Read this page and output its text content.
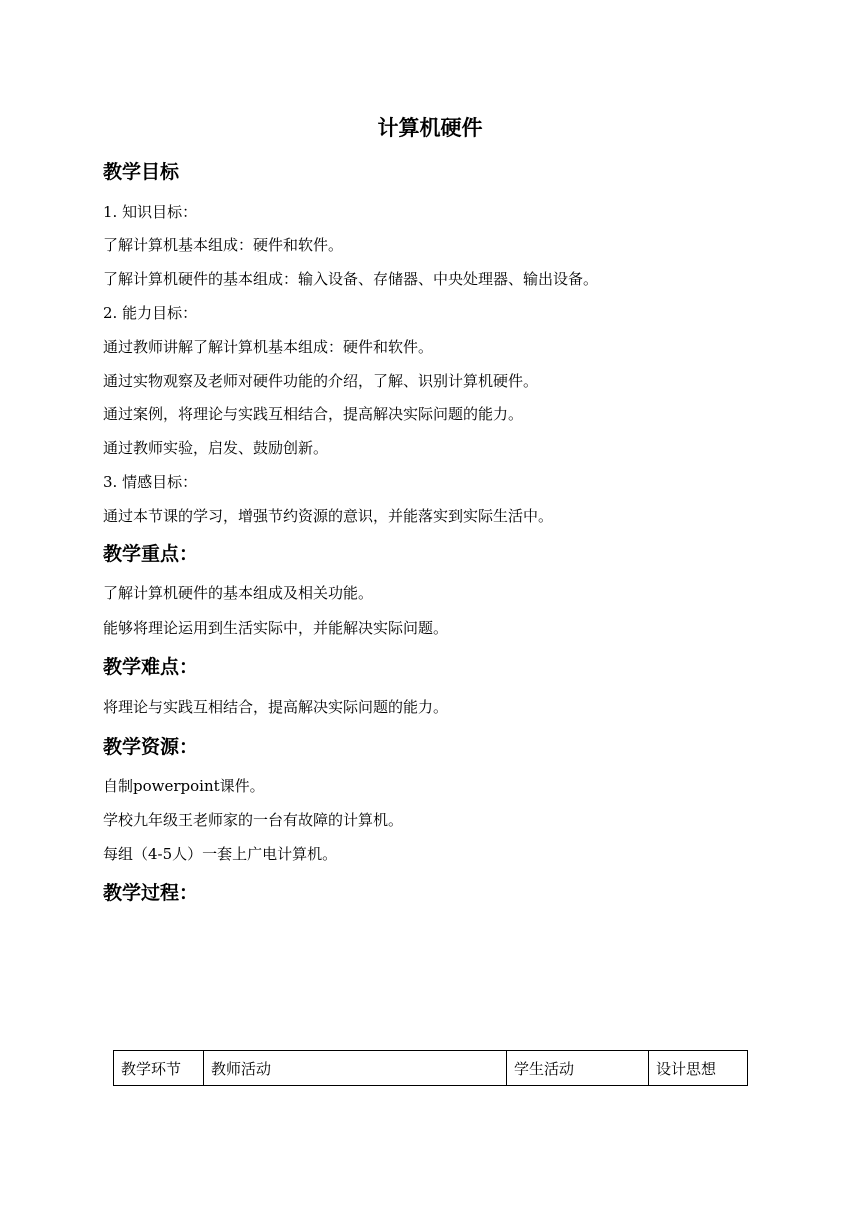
计算机硬件
教学目标
1. 知识目标：
了解计算机基本组成：硬件和软件。
了解计算机硬件的基本组成：输入设备、存储器、中央处理器、输出设备。
2. 能力目标：
通过教师讲解了解计算机基本组成：硬件和软件。
通过实物观察及老师对硬件功能的介绍，了解、识别计算机硬件。
通过案例，将理论与实践互相结合，提高解决实际问题的能力。
通过教师实验，启发、鼓励创新。
3. 情感目标：
通过本节课的学习，增强节约资源的意识，并能落实到实际生活中。
教学重点：
了解计算机硬件的基本组成及相关功能。
能够将理论运用到生活实际中，并能解决实际问题。
教学难点：
将理论与实践互相结合，提高解决实际问题的能力。
教学资源：
自制powerpoint课件。
学校九年级王老师家的一台有故障的计算机。
每组（4-5人）一套上广电计算机。
教学过程：
教学环节	教师活动	学生活动	设计思想
